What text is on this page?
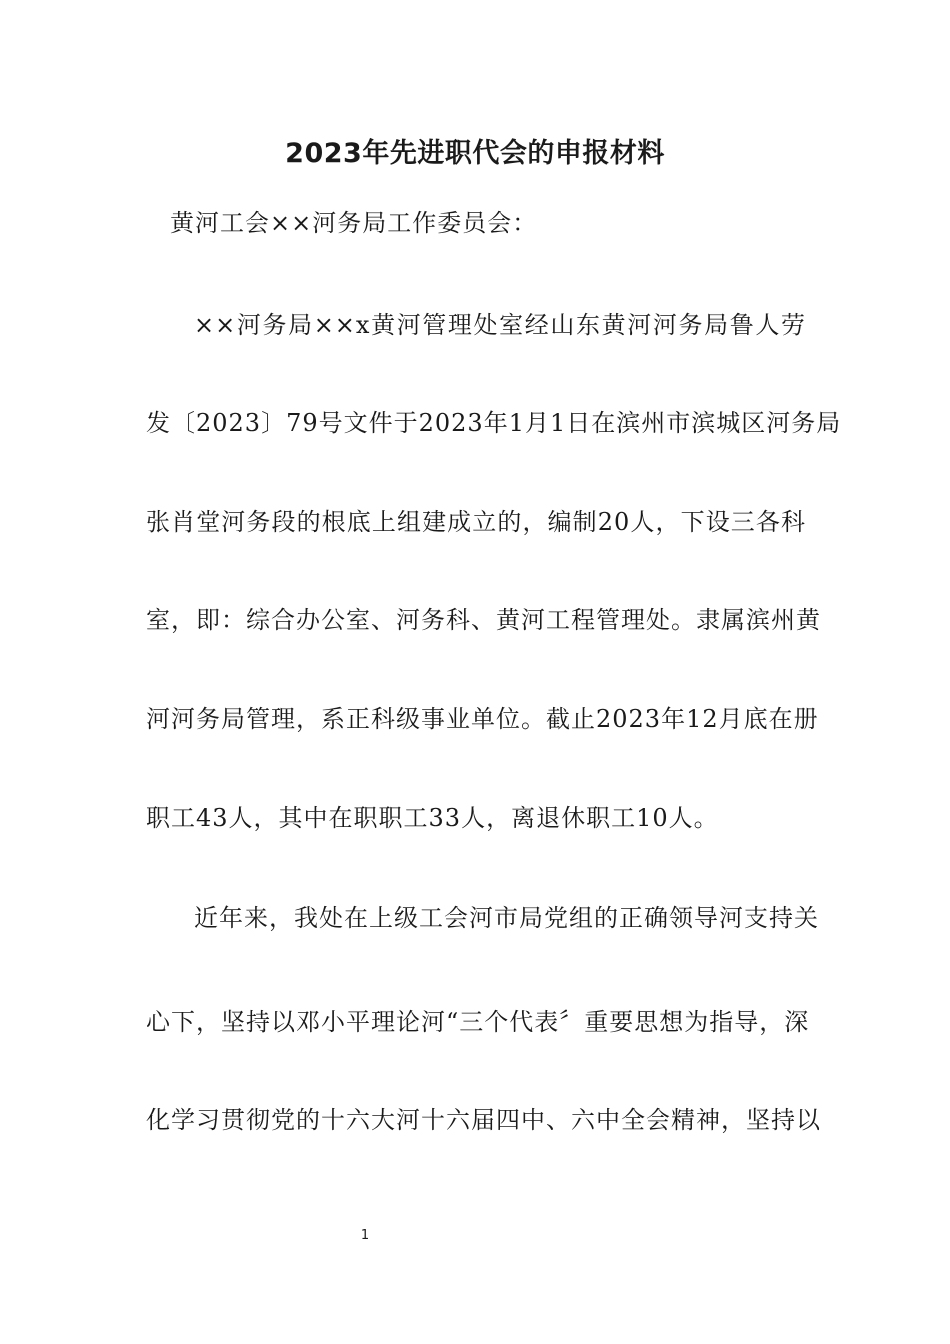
2023年先进职代会的申报材料
黄河工会××河务局工作委员会：
××河务局××x黄河管理处室经山东黄河河务局鲁人劳
发〔2023〕79号文件于2023年1月1日在滨州市滨城区河务局
张肖堂河务段的根底上组建成立的，编制20人，下设三各科
室，即：综合办公室、河务科、黄河工程管理处。隶属滨州黄
河河务局管理，系正科级事业单位。截止2023年12月底在册
职工43人，其中在职职工33人，离退休职工10人。
近年来，我处在上级工会河市局党组的正确领导河支持关
心下，坚持以邓小平理论河“三个代表〞重要思想为指导，深
化学习贯彻党的十六大河十六届四中、六中全会精神，坚持以
1
